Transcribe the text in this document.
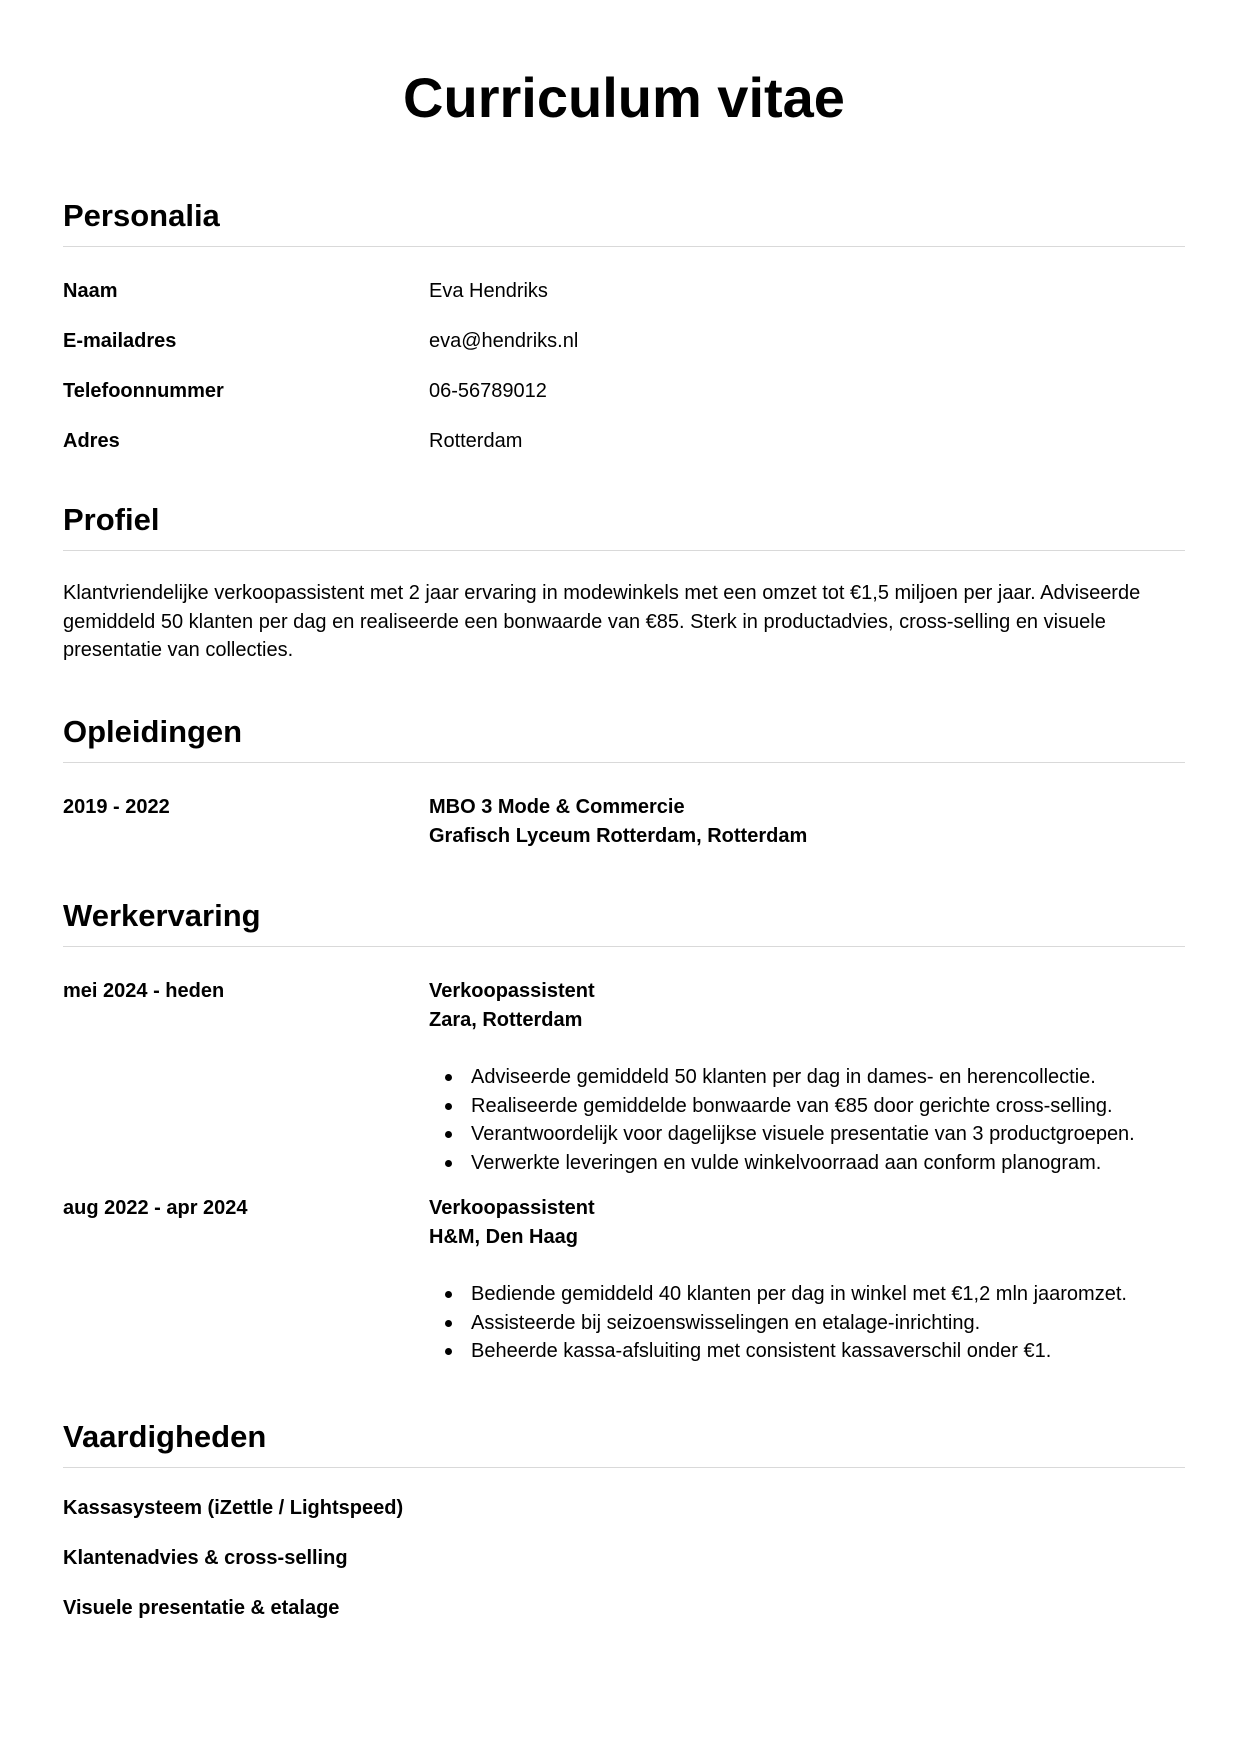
Curriculum vitae
Personalia
Naam	Eva Hendriks
E-mailadres	eva@hendriks.nl
Telefoonnummer	06-56789012
Adres	Rotterdam
Profiel

Klantvriendelijke verkoopassistent met 2 jaar ervaring in modewinkels met een omzet tot €1,5 miljoen per jaar. Adviseerde gemiddeld 50 klanten per dag en realiseerde een bonwaarde van €85. Sterk in productadvies, cross-selling en visuele presentatie van collecties.

Opleidingen
2019 - 2022	MBO 3 Mode & Commercie
Grafisch Lyceum Rotterdam, Rotterdam
Werkervaring
mei 2024 - heden	Verkoopassistent
Zara, Rotterdam
Adviseerde gemiddeld 50 klanten per dag in dames- en herencollectie.
Realiseerde gemiddelde bonwaarde van €85 door gerichte cross-selling.
Verantwoordelijk voor dagelijkse visuele presentatie van 3 productgroepen.
Verwerkte leveringen en vulde winkelvoorraad aan conform planogram.
aug 2022 - apr 2024	Verkoopassistent
H&M, Den Haag
Bediende gemiddeld 40 klanten per dag in winkel met €1,2 mln jaaromzet.
Assisteerde bij seizoenswisselingen en etalage-inrichting.
Beheerde kassa-afsluiting met consistent kassaverschil onder €1.
Vaardigheden
Kassasysteem (iZettle / Lightspeed)
Klantenadvies & cross-selling
Visuele presentatie & etalage
